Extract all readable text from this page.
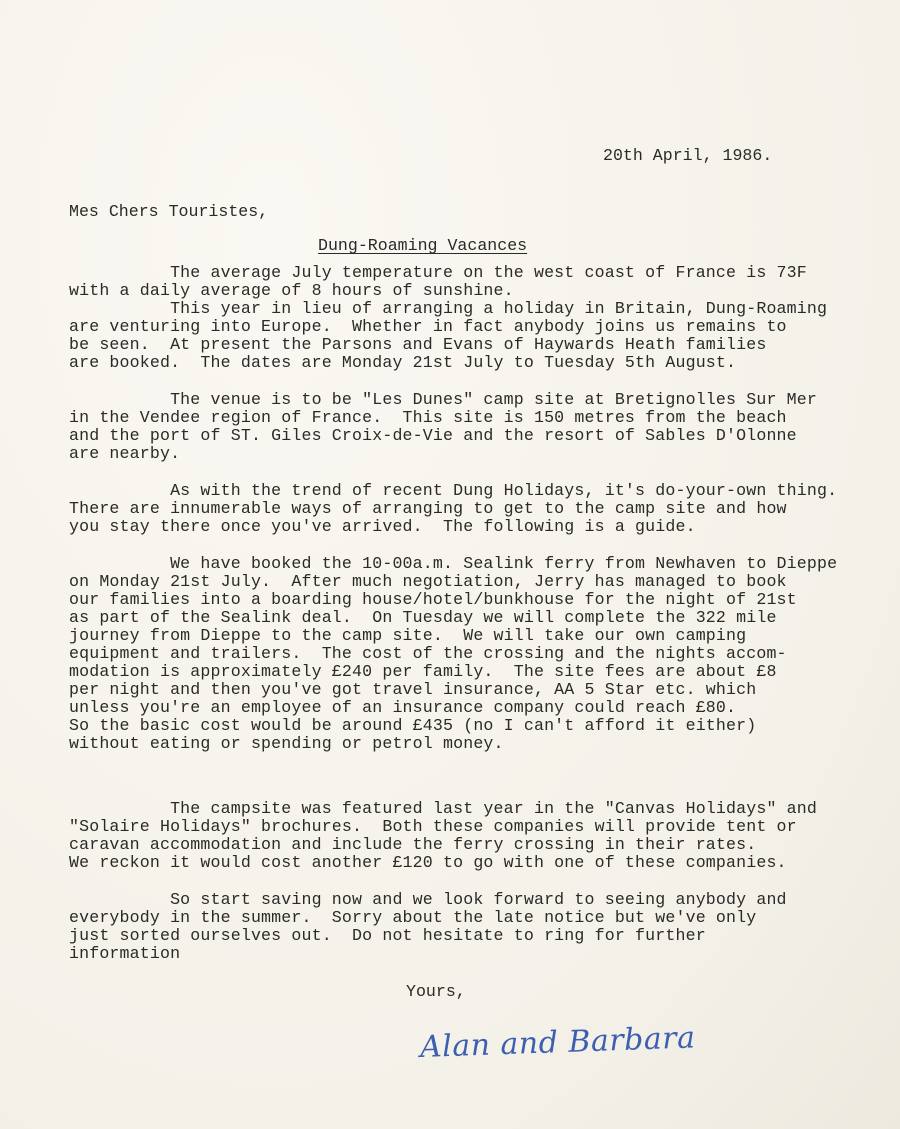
20th April, 1986.
Mes Chers Touristes,
Dung-Roaming Vacances
The average July temperature on the west coast of France is 73F
with a daily average of 8 hours of sunshine.
This year in lieu of arranging a holiday in Britain, Dung-Roaming
are venturing into Europe.  Whether in fact anybody joins us remains to
be seen.  At present the Parsons and Evans of Haywards Heath families
are booked.  The dates are Monday 21st July to Tuesday 5th August.
The venue is to be "Les Dunes" camp site at Bretignolles Sur Mer
in the Vendee region of France.  This site is 150 metres from the beach
and the port of ST. Giles Croix-de-Vie and the resort of Sables D'Olonne
are nearby.
As with the trend of recent Dung Holidays, it's do-your-own thing.
There are innumerable ways of arranging to get to the camp site and how
you stay there once you've arrived.  The following is a guide.
We have booked the 10-00a.m. Sealink ferry from Newhaven to Dieppe
on Monday 21st July.  After much negotiation, Jerry has managed to book
our families into a boarding house/hotel/bunkhouse for the night of 21st
as part of the Sealink deal.  On Tuesday we will complete the 322 mile
journey from Dieppe to the camp site.  We will take our own camping
equipment and trailers.  The cost of the crossing and the nights accom-
modation is approximately £240 per family.  The site fees are about £8
per night and then you've got travel insurance, AA 5 Star etc. which
unless you're an employee of an insurance company could reach £80.
So the basic cost would be around £435 (no I can't afford it either)
without eating or spending or petrol money.
The campsite was featured last year in the "Canvas Holidays" and
"Solaire Holidays" brochures.  Both these companies will provide tent or
caravan accommodation and include the ferry crossing in their rates.
We reckon it would cost another £120 to go with one of these companies.
So start saving now and we look forward to seeing anybody and
everybody in the summer.  Sorry about the late notice but we've only
just sorted ourselves out.  Do not hesitate to ring for further
information
Yours,
Alan and Barbara
